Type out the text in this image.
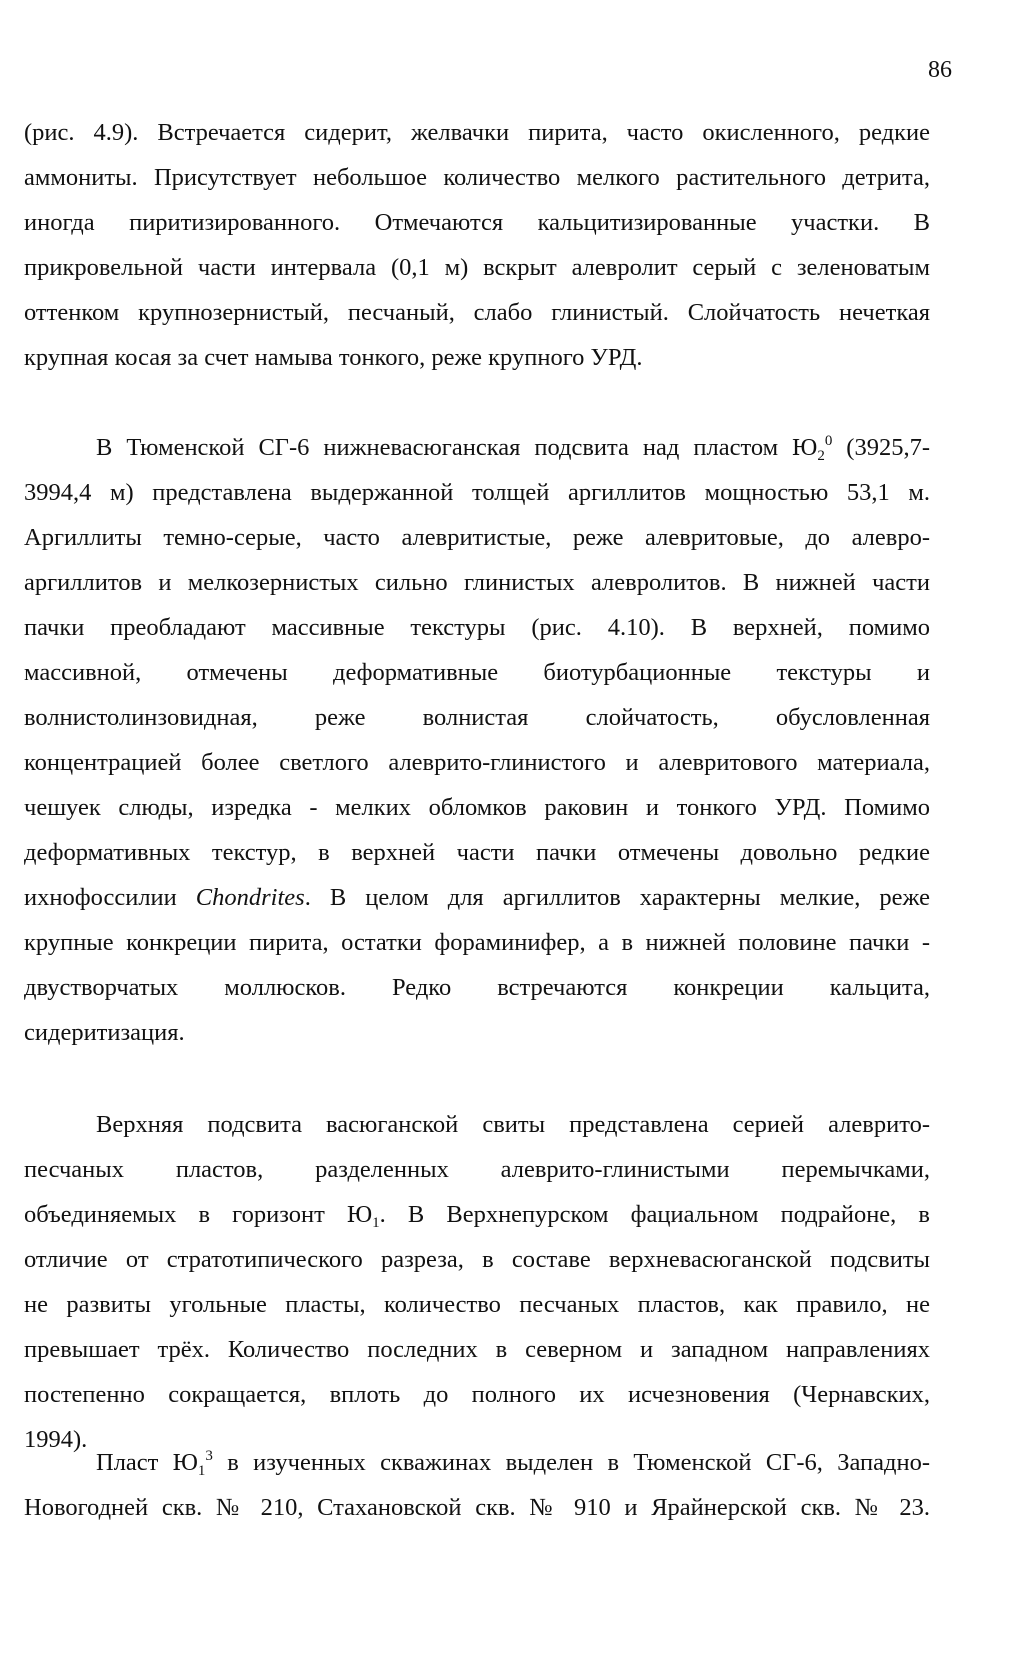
86
(рис. 4.9). Встречается сидерит, желвачки пирита, часто окисленного, редкие
аммониты. Присутствует небольшое количество мелкого растительного детрита,
иногда пиритизированного. Отмечаются кальцитизированные участки. В
прикровельной части интервала (0,1 м) вскрыт алевролит серый с зеленоватым
оттенком крупнозернистый, песчаный, слабо глинистый. Слойчатость нечеткая
крупная косая за счет намыва тонкого, реже крупного УРД.
В Тюменской СГ-6 нижневасюганская подсвита над пластом $Ю_2^0$ (3925,7-
3994,4 м) представлена выдержанной толщей аргиллитов мощностью 53,1 м.
Аргиллиты темно-серые, часто алевритистые, реже алевритовые, до алевро-
аргиллитов и мелкозернистых сильно глинистых алевролитов. В нижней части
пачки преобладают массивные текстуры (рис. 4.10). В верхней, помимо
массивной, отмечены деформативные биотурбационные текстуры и
волнистолинзовидная, реже волнистая слойчатость, обусловленная
концентрацией более светлого алеврито-глинистого и алевритового материала,
чешуек слюды, изредка - мелких обломков раковин и тонкого УРД. Помимо
деформативных текстур, в верхней части пачки отмечены довольно редкие
ихнофоссилии Chondrites. В целом для аргиллитов характерны мелкие, реже
крупные конкреции пирита, остатки фораминифер, а в нижней половине пачки -
двустворчатых моллюсков. Редко встречаются конкреции кальцита,
сидеритизация.
Верхняя подсвита васюганской свиты представлена серией алеврито-
песчаных пластов, разделенных алеврито-глинистыми перемычками,
объединяемых в горизонт $Ю_1$. В Верхнепурском фациальном подрайоне, в
отличие от стратотипического разреза, в составе верхневасюганской подсвиты
не развиты угольные пласты, количество песчаных пластов, как правило, не
превышает трёх. Количество последних в северном и западном направлениях
постепенно сокращается, вплоть до полного их исчезновения (Чернавских,
1994).
Пласт $Ю_1^3$ в изученных скважинах выделен в Тюменской СГ-6, Западно-
Новогодней скв. № 210, Стахановской скв. № 910 и Ярайнерской скв. № 23.
